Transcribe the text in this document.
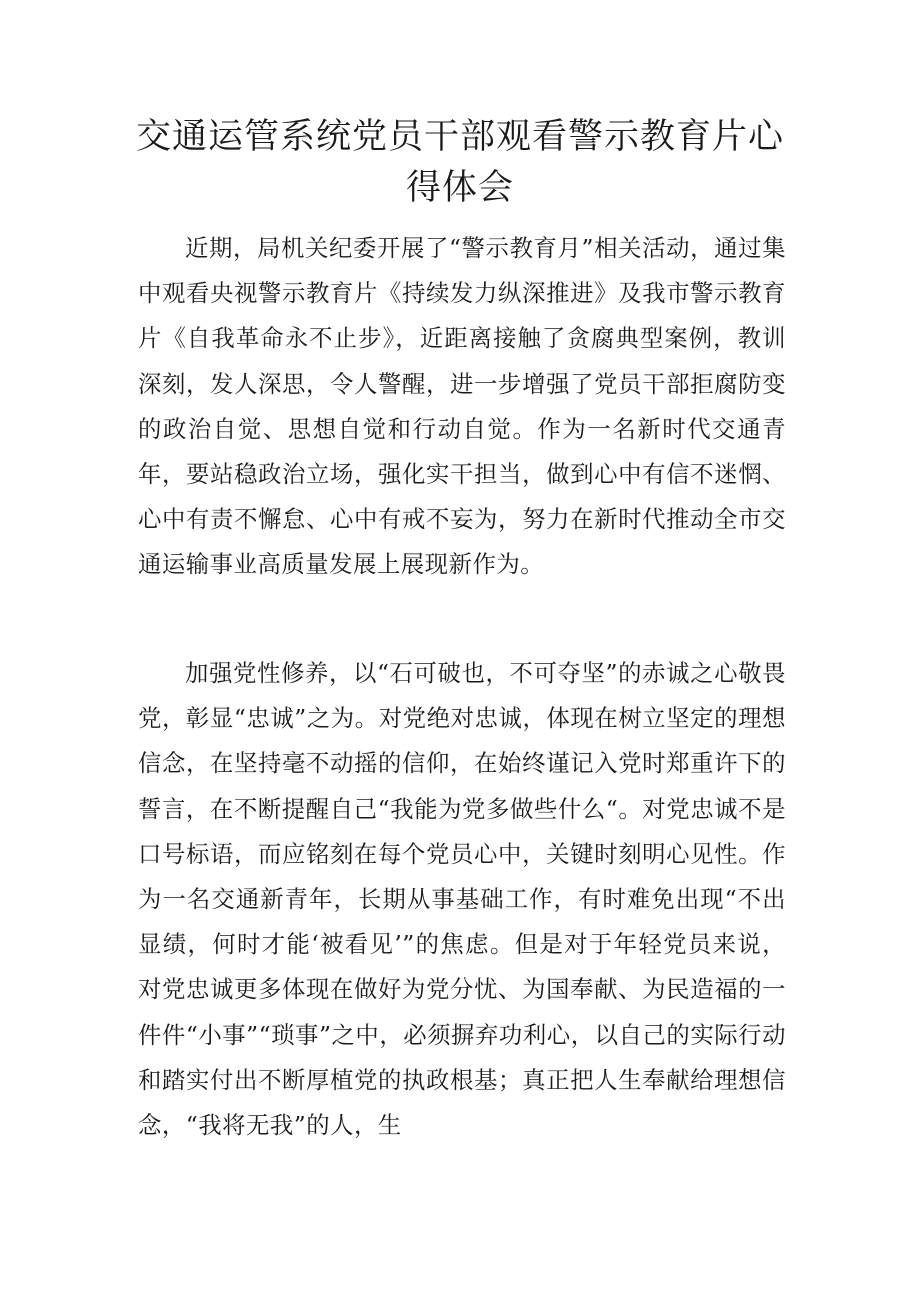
交通运管系统党员干部观看警示教育片心得体会

近期，局机关纪委开展了“警示教育月”相关活动，通过集中观看央视警示教育片《持续发力纵深推进》及我市警示教育片《自我革命永不止步》，近距离接触了贪腐典型案例，教训深刻，发人深思，令人警醒，进一步增强了党员干部拒腐防变的政治自觉、思想自觉和行动自觉。作为一名新时代交通青年，要站稳政治立场，强化实干担当，做到心中有信不迷惘、心中有责不懈怠、心中有戒不妄为，努力在新时代推动全市交通运输事业高质量发展上展现新作为。

加强党性修养，以“石可破也，不可夺坚”的赤诚之心敬畏党，彰显“忠诚”之为。对党绝对忠诚，体现在树立坚定的理想信念，在坚持毫不动摇的信仰，在始终谨记入党时郑重许下的誓言，在不断提醒自己“我能为党多做些什么“。对党忠诚不是口号标语，而应铭刻在每个党员心中，关键时刻明心见性。作为一名交通新青年，长期从事基础工作，有时难免出现“不出显绩，何时才能‘被看见’”的焦虑。但是对于年轻党员来说，对党忠诚更多体现在做好为党分忧、为国奉献、为民造福的一件件“小事”“琐事”之中，必须摒弃功利心，以自己的实际行动和踏实付出不断厚植党的执政根基；真正把人生奉献给理想信念，“我将无我”的人，生
